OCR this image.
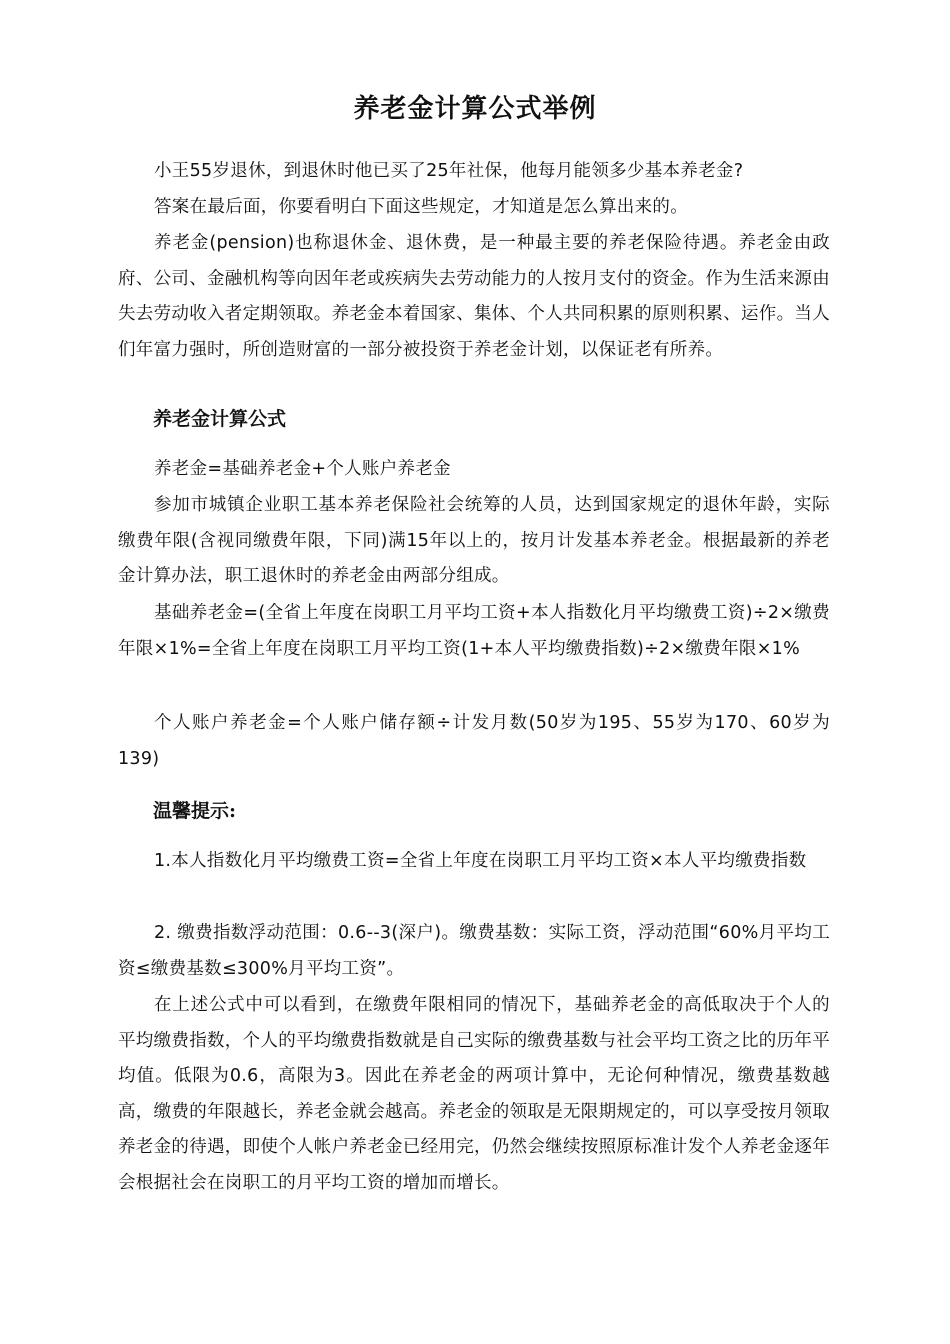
养老金计算公式举例

小王55岁退休，到退休时他已买了25年社保，他每月能领多少基本养老金?

答案在最后面，你要看明白下面这些规定，才知道是怎么算出来的。

养老金(pension)也称退休金、退休费，是一种最主要的养老保险待遇。养老金由政府、公司、金融机构等向因年老或疾病失去劳动能力的人按月支付的资金。作为生活来源由失去劳动收入者定期领取。养老金本着国家、集体、个人共同积累的原则积累、运作。当人们年富力强时，所创造财富的一部分被投资于养老金计划，以保证老有所养。

养老金计算公式

养老金=基础养老金+个人账户养老金

参加市城镇企业职工基本养老保险社会统筹的人员，达到国家规定的退休年龄，实际缴费年限(含视同缴费年限，下同)满15年以上的，按月计发基本养老金。根据最新的养老金计算办法，职工退休时的养老金由两部分组成。

基础养老金=(全省上年度在岗职工月平均工资+本人指数化月平均缴费工资)÷2×缴费年限×1%=全省上年度在岗职工月平均工资(1+本人平均缴费指数)÷2×缴费年限×1%

个人账户养老金=个人账户储存额÷计发月数(50岁为195、55岁为170、60岁为139)

温馨提示:

1.本人指数化月平均缴费工资=全省上年度在岗职工月平均工资×本人平均缴费指数

2. 缴费指数浮动范围：0.6--3(深户)。缴费基数：实际工资，浮动范围“60%月平均工资≤缴费基数≤300%月平均工资”。

在上述公式中可以看到，在缴费年限相同的情况下，基础养老金的高低取决于个人的平均缴费指数，个人的平均缴费指数就是自己实际的缴费基数与社会平均工资之比的历年平均值。低限为0.6，高限为3。因此在养老金的两项计算中，无论何种情况，缴费基数越高，缴费的年限越长，养老金就会越高。养老金的领取是无限期规定的，可以享受按月领取养老金的待遇，即使个人帐户养老金已经用完，仍然会继续按照原标准计发个人养老金逐年会根据社会在岗职工的月平均工资的增加而增长。
